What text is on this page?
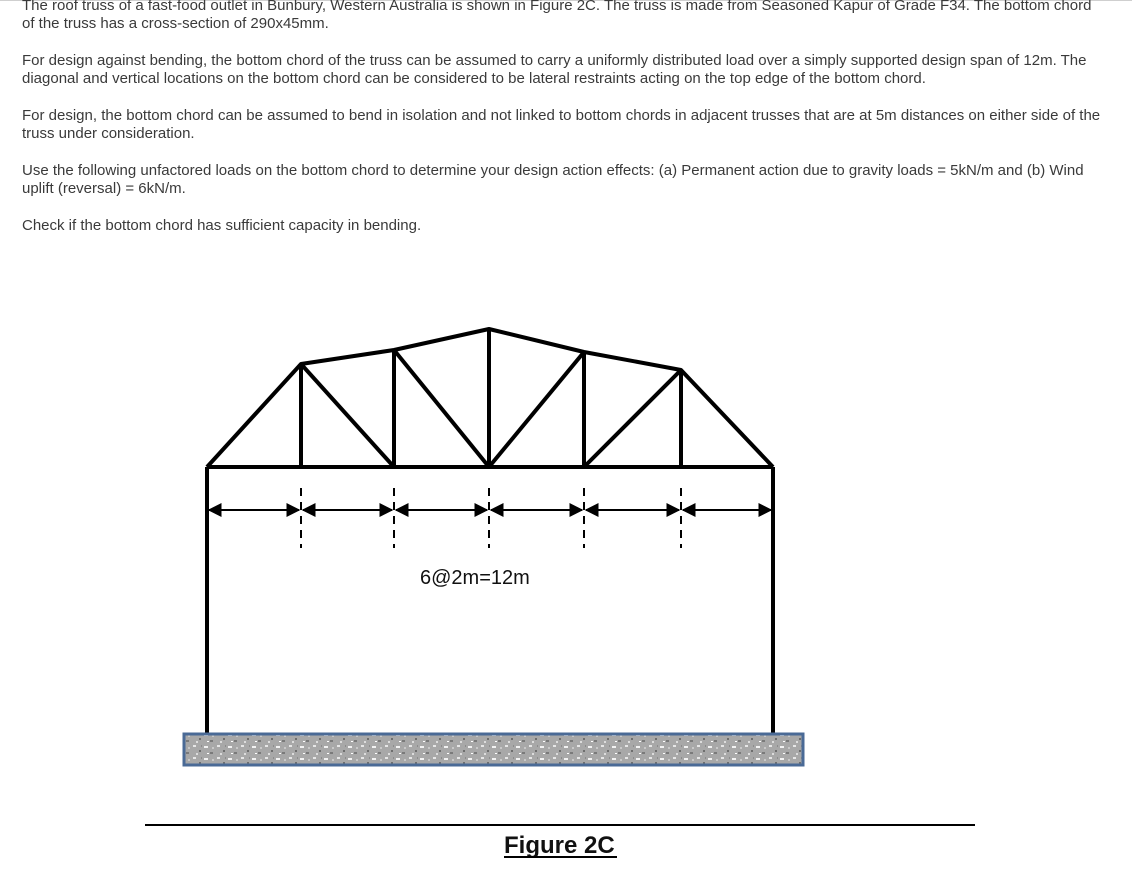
The roof truss of a fast-food outlet in Bunbury, Western Australia is shown in Figure 2C. The truss is made from Seasoned Kapur of Grade F34. The bottom chord of the truss has a cross-section of 290x45mm.

For design against bending, the bottom chord of the truss can be assumed to carry a uniformly distributed load over a simply supported design span of 12m. The diagonal and vertical locations on the bottom chord can be considered to be lateral restraints acting on the top edge of the bottom chord.

For design, the bottom chord can be assumed to bend in isolation and not linked to bottom chords in adjacent trusses that are at 5m distances on either side of the truss under consideration.

Use the following unfactored loads on the bottom chord to determine your design action effects: (a) Permanent action due to gravity loads = 5kN/m and (b) Wind uplift (reversal) = 6kN/m.

Check if the bottom chord has sufficient capacity in bending.

6@2m=12m
Figure 2C
